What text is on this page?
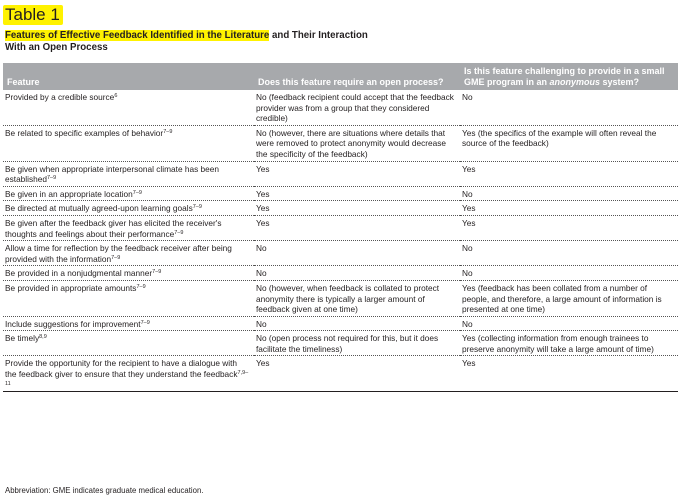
Table 1
Features of Effective Feedback Identified in the Literature and Their Interaction
With an Open Process
Feature	Does this feature require an open process?	Is this feature challenging to provide in a small GME program in an anonymous system?
Provided by a credible source$^6$	No (feedback recipient could accept that the feedback provider was from a group that they considered credible)	No
Be related to specific examples of behavior$^{7-9}$	No (however, there are situations where details that were removed to protect anonymity would decrease the specificity of the feedback)	Yes (the specifics of the example will often reveal the source of the feedback)
Be given when appropriate interpersonal climate has been established$^{7-9}$	Yes	Yes
Be given in an appropriate location$^{7-9}$	Yes	No
Be directed at mutually agreed-upon learning goals$^{7-9}$	Yes	Yes
Be given after the feedback giver has elicited the receiver's thoughts and feelings about their performance$^{7-9}$	Yes	Yes
Allow a time for reflection by the feedback receiver after being provided with the information$^{7-9}$	No	No
Be provided in a nonjudgmental manner$^{7-9}$	No	No
Be provided in appropriate amounts$^{7-9}$	No (however, when feedback is collated to protect anonymity there is typically a larger amount of feedback given at one time)	Yes (feedback has been collated from a number of people, and therefore, a large amount of information is presented at one time)
Include suggestions for improvement$^{7-9}$	No	No
Be timely$^{8,9}$	No (open process not required for this, but it does facilitate the timeliness)	Yes (collecting information from enough trainees to preserve anonymity will take a large amount of time)
Provide the opportunity for the recipient to have a dialogue with the feedback giver to ensure that they understand the feedback$^{7,9-11}$	Yes	Yes
Abbreviation: GME indicates graduate medical education.
